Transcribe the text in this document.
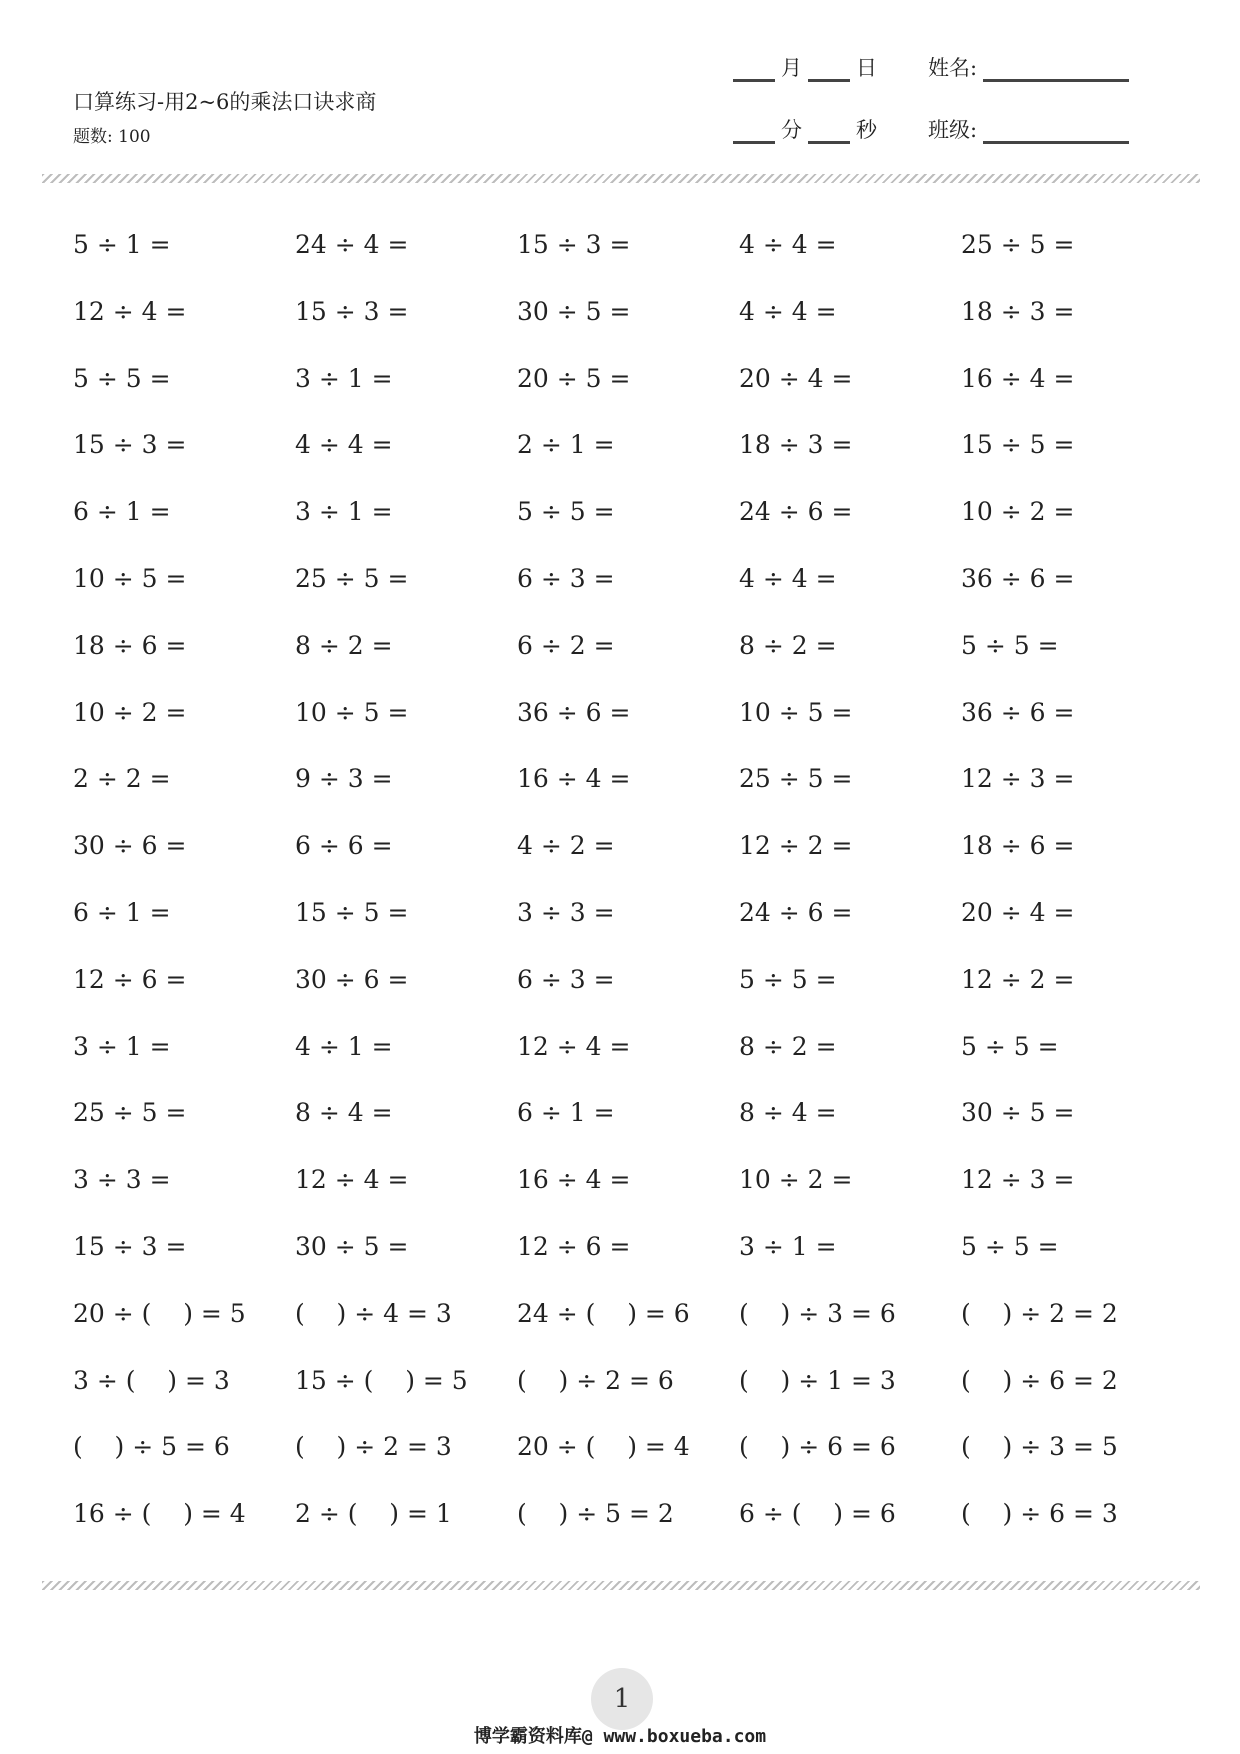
口算练习-用2~6的乘法口诀求商
题数: 100
月	日 姓名:
分	秒 班级:
5 ÷ 1 =	24 ÷ 4 =	15 ÷ 3 =	4 ÷ 4 =	25 ÷ 5 =
12 ÷ 4 =	15 ÷ 3 =	30 ÷ 5 =	4 ÷ 4 =	18 ÷ 3 =
5 ÷ 5 =	3 ÷ 1 =	20 ÷ 5 =	20 ÷ 4 =	16 ÷ 4 =
15 ÷ 3 =	4 ÷ 4 =	2 ÷ 1 =	18 ÷ 3 =	15 ÷ 5 =
6 ÷ 1 =	3 ÷ 1 =	5 ÷ 5 =	24 ÷ 6 =	10 ÷ 2 =
10 ÷ 5 =	25 ÷ 5 =	6 ÷ 3 =	4 ÷ 4 =	36 ÷ 6 =
18 ÷ 6 =	8 ÷ 2 =	6 ÷ 2 =	8 ÷ 2 =	5 ÷ 5 =
10 ÷ 2 =	10 ÷ 5 =	36 ÷ 6 =	10 ÷ 5 =	36 ÷ 6 =
2 ÷ 2 =	9 ÷ 3 =	16 ÷ 4 =	25 ÷ 5 =	12 ÷ 3 =
30 ÷ 6 =	6 ÷ 6 =	4 ÷ 2 =	12 ÷ 2 =	18 ÷ 6 =
6 ÷ 1 =	15 ÷ 5 =	3 ÷ 3 =	24 ÷ 6 =	20 ÷ 4 =
12 ÷ 6 =	30 ÷ 6 =	6 ÷ 3 =	5 ÷ 5 =	12 ÷ 2 =
3 ÷ 1 =	4 ÷ 1 =	12 ÷ 4 =	8 ÷ 2 =	5 ÷ 5 =
25 ÷ 5 =	8 ÷ 4 =	6 ÷ 1 =	8 ÷ 4 =	30 ÷ 5 =
3 ÷ 3 =	12 ÷ 4 =	16 ÷ 4 =	10 ÷ 2 =	12 ÷ 3 =
15 ÷ 3 =	30 ÷ 5 =	12 ÷ 6 =	3 ÷ 1 =	5 ÷ 5 =
20 ÷ (    ) = 5	(    ) ÷ 4 = 3	24 ÷ (    ) = 6	(    ) ÷ 3 = 6	(    ) ÷ 2 = 2
3 ÷ (    ) = 3	15 ÷ (    ) = 5	(    ) ÷ 2 = 6	(    ) ÷ 1 = 3	(    ) ÷ 6 = 2
(    ) ÷ 5 = 6	(    ) ÷ 2 = 3	20 ÷ (    ) = 4	(    ) ÷ 6 = 6	(    ) ÷ 3 = 5
16 ÷ (    ) = 4	2 ÷ (    ) = 1	(    ) ÷ 5 = 2	6 ÷ (    ) = 6	(    ) ÷ 6 = 3
1
博学霸资料库@ www.boxueba.com
